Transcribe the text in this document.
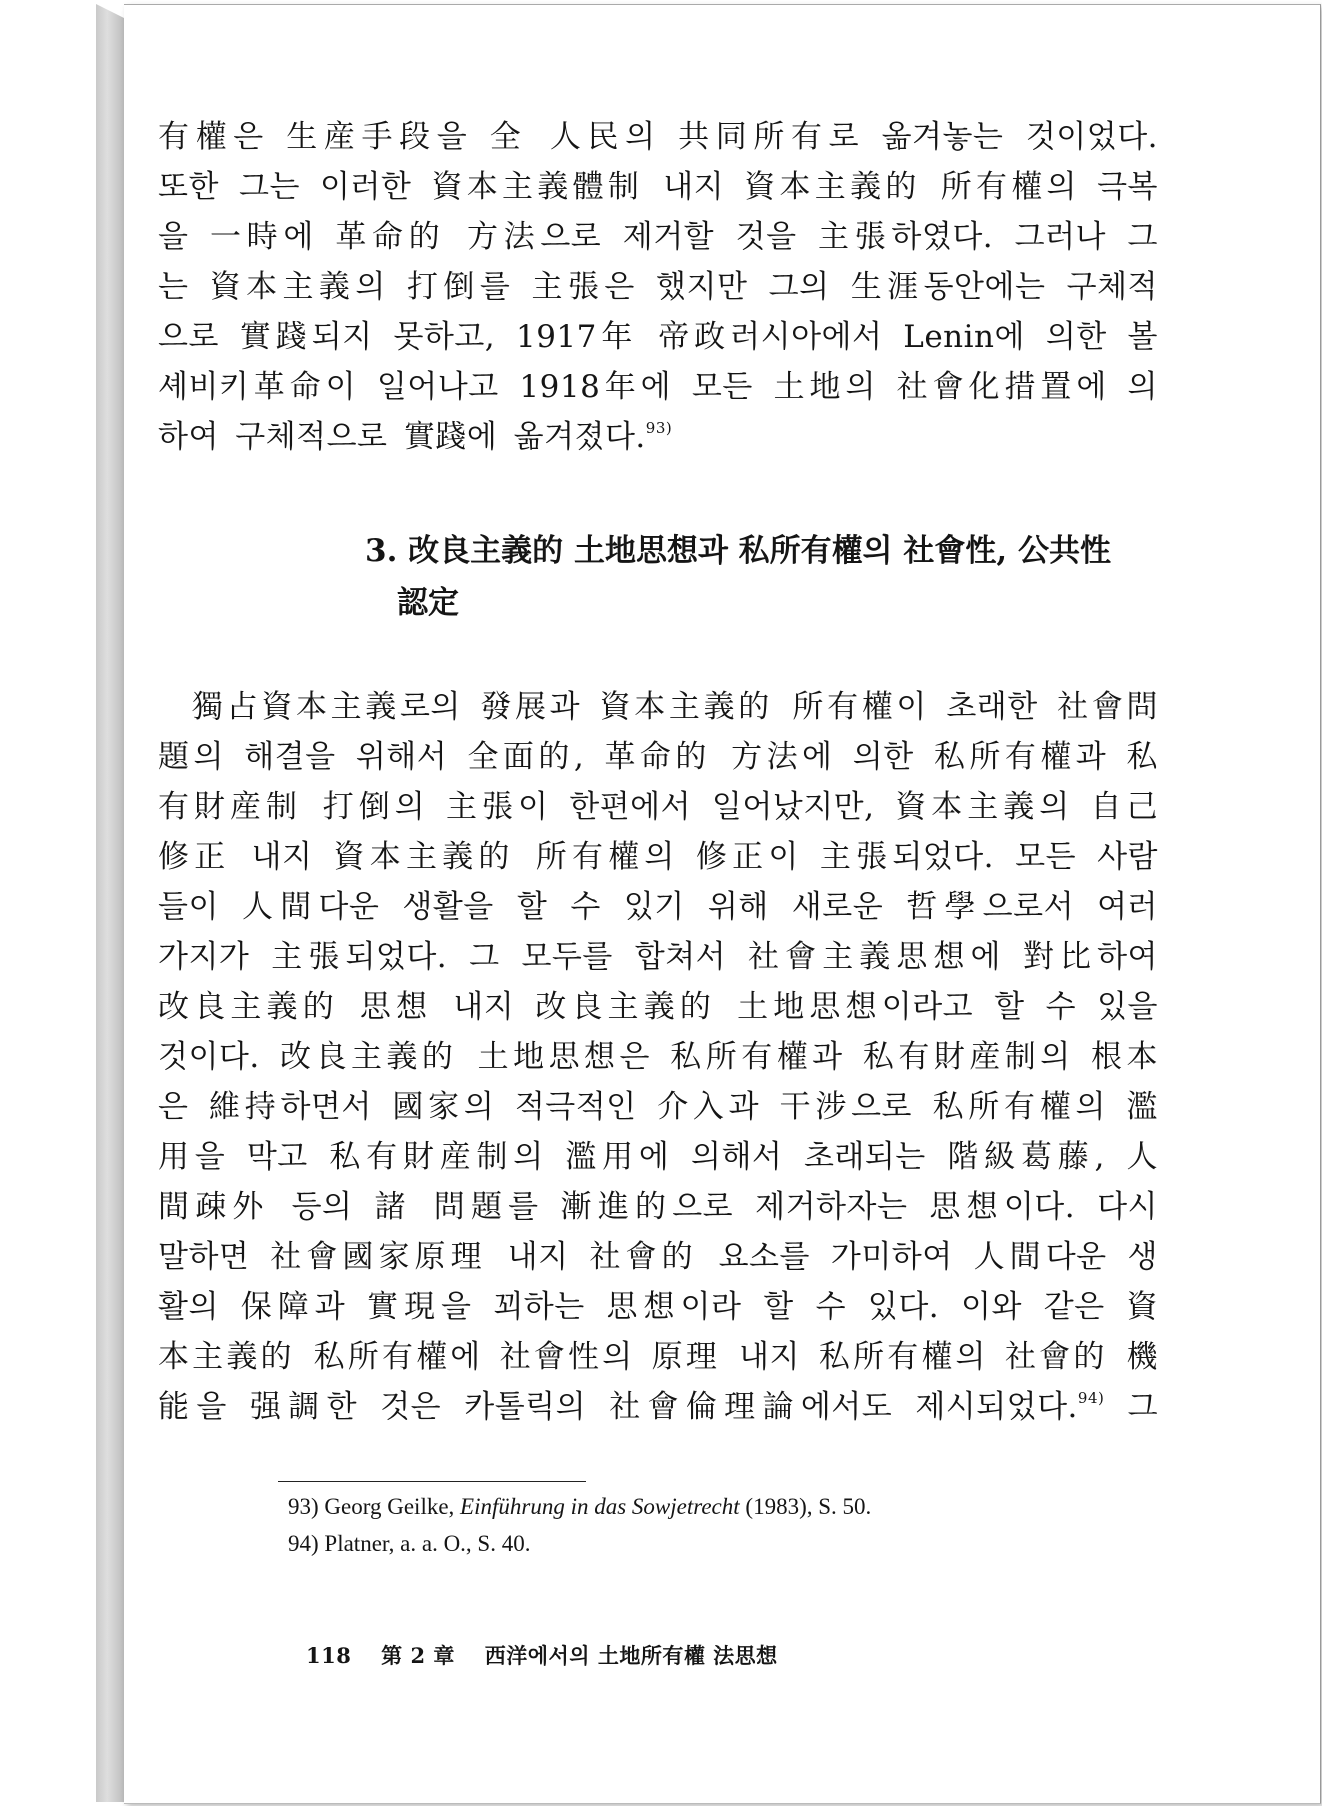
有權은 生産手段을 全 人民의 共同所有로 옮겨놓는 것이었다.
또한 그는 이러한 資本主義體制 내지 資本主義的 所有權의 극복
을 一時에 革命的 方法으로 제거할 것을 主張하였다. 그러나 그
는 資本主義의 打倒를 主張은 했지만 그의 生涯동안에는 구체적
으로 實踐되지 못하고, 1917年 帝政러시아에서 Lenin에 의한 볼
셰비키革命이 일어나고 1918年에 모든 土地의 社會化措置에 의
하여 구체적으로 實踐에 옮겨졌다.$^{93)}$

3. 改良主義的 土地思想과 私所有權의 社會性, 公共性
認定

獨占資本主義로의 發展과 資本主義的 所有權이 초래한 社會問
題의 해결을 위해서 全面的, 革命的 方法에 의한 私所有權과 私
有財産制 打倒의 主張이 한편에서 일어났지만, 資本主義의 自己
修正 내지 資本主義的 所有權의 修正이 主張되었다. 모든 사람
들이 人間다운 생활을 할 수 있기 위해 새로운 哲學으로서 여러
가지가 主張되었다. 그 모두를 합쳐서 社會主義思想에 對比하여
改良主義的 思想 내지 改良主義的 土地思想이라고 할 수 있을
것이다. 改良主義的 土地思想은 私所有權과 私有財産制의 根本
은 維持하면서 國家의 적극적인 介入과 干涉으로 私所有權의 濫
用을 막고 私有財産制의 濫用에 의해서 초래되는 階級葛藤, 人
間疎外 등의 諸 問題를 漸進的으로 제거하자는 思想이다. 다시
말하면 社會國家原理 내지 社會的 요소를 가미하여 人間다운 생
활의 保障과 實現을 꾀하는 思想이라 할 수 있다. 이와 같은 資
本主義的 私所有權에 社會性의 原理 내지 私所有權의 社會的 機
能을 强調한 것은 카톨릭의 社會倫理論에서도 제시되었다.$^{94)}$ 그

93) Georg Geilke, Einführung in das Sowjetrecht (1983), S. 50.
94) Platner, a. a. O., S. 40.
118 第 2 章 西洋에서의 土地所有權 法思想
